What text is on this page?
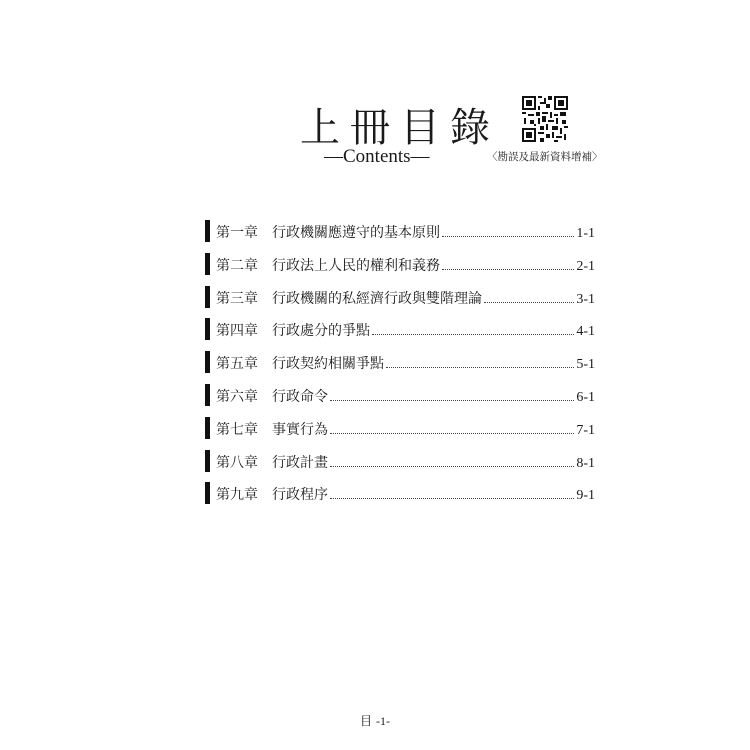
上冊目錄
—Contents—	〈勘誤及最新資料增補〉
第一章	行政機關應遵守的基本原則	1-1
第二章	行政法上人民的權利和義務	2-1
第三章	行政機關的私經濟行政與雙階理論	3-1
第四章	行政處分的爭點	4-1
第五章	行政契約相關爭點	5-1
第六章	行政命令	6-1
第七章	事實行為	7-1
第八章	行政計畫	8-1
第九章	行政程序	9-1
目 -1-
